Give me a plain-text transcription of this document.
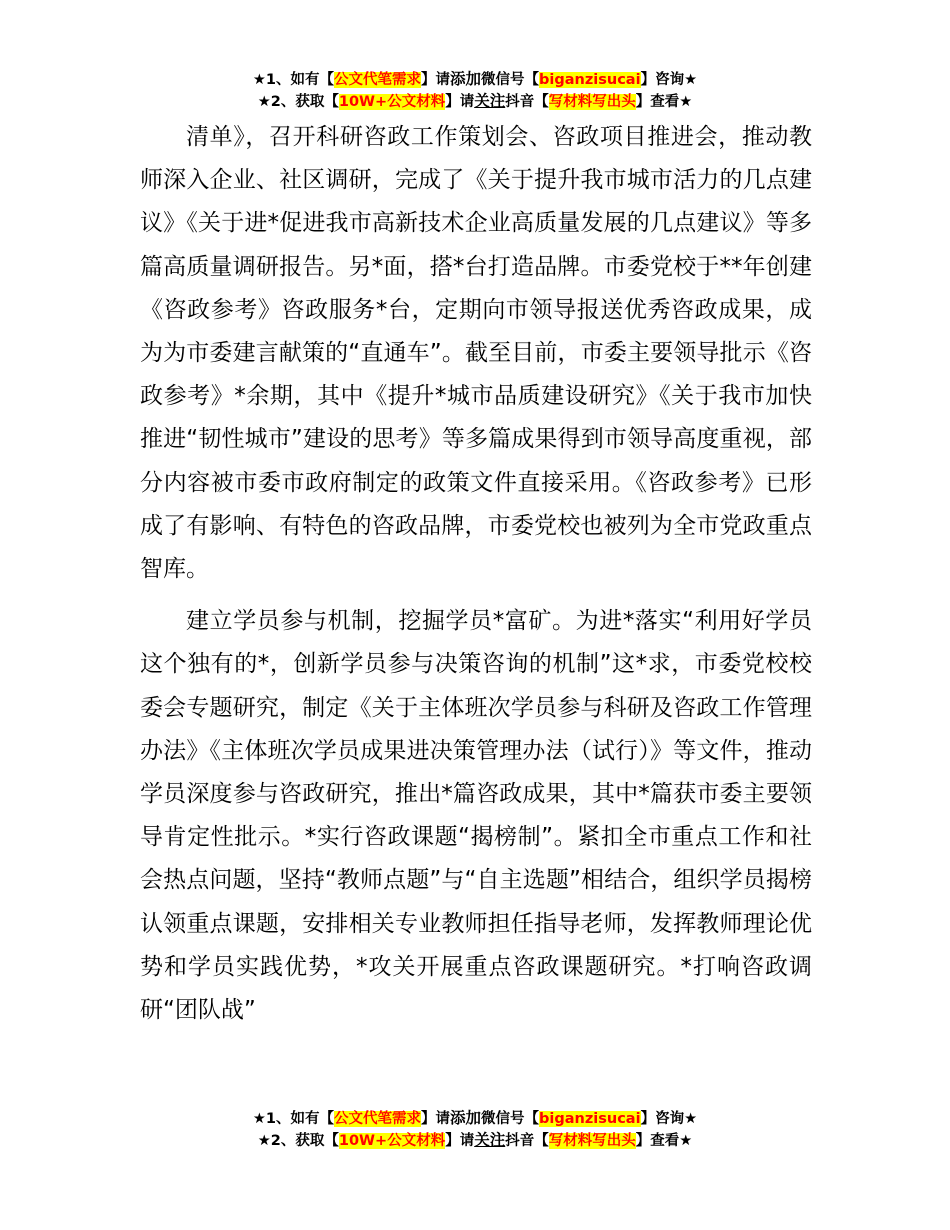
★1、如有【公文代笔需求】请添加微信号【biganzisucai】咨询★
★2、获取【10W+公文材料】请关注抖音【写材料写出头】查看★

清单》，召开科研咨政工作策划会、咨政项目推进会，推动教师深入企业、社区调研，完成了《关于提升我市城市活力的几点建议》《关于进*促进我市高新技术企业高质量发展的几点建议》等多篇高质量调研报告。另*面，搭*台打造品牌。市委党校于**年创建《咨政参考》咨政服务*台，定期向市领导报送优秀咨政成果，成为为市委建言献策的“直通车”。截至目前，市委主要领导批示《咨政参考》*余期，其中《提升*城市品质建设研究》《关于我市加快推进“韧性城市”建设的思考》等多篇成果得到市领导高度重视，部分内容被市委市政府制定的政策文件直接采用。《咨政参考》已形成了有影响、有特色的咨政品牌，市委党校也被列为全市党政重点智库。

建立学员参与机制，挖掘学员*富矿。为进*落实“利用好学员这个独有的*，创新学员参与决策咨询的机制”这*求，市委党校校委会专题研究，制定《关于主体班次学员参与科研及咨政工作管理办法》《主体班次学员成果进决策管理办法（试行）》等文件，推动学员深度参与咨政研究，推出*篇咨政成果，其中*篇获市委主要领导肯定性批示。*实行咨政课题“揭榜制”。紧扣全市重点工作和社会热点问题，坚持“教师点题”与“自主选题”相结合，组织学员揭榜认领重点课题，安排相关专业教师担任指导老师，发挥教师理论优势和学员实践优势，*攻关开展重点咨政课题研究。*打响咨政调研“团队战”

★1、如有【公文代笔需求】请添加微信号【biganzisucai】咨询★
★2、获取【10W+公文材料】请关注抖音【写材料写出头】查看★
